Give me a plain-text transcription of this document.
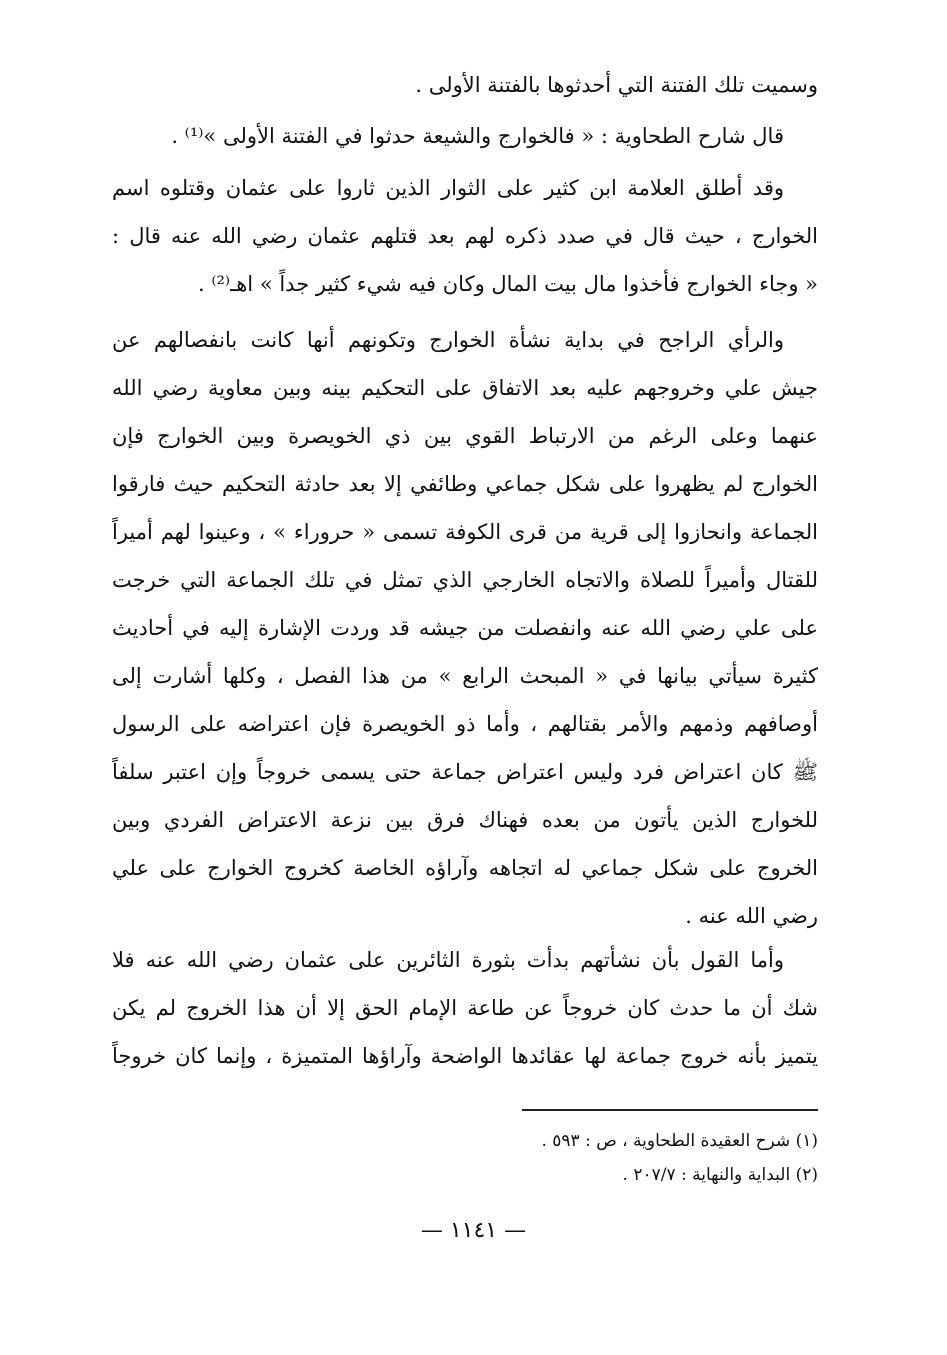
وسميت تلك الفتنة التي أحدثوها بالفتنة الأولى .
قال شارح الطحاوية : « فالخوارج والشيعة حدثوا في الفتنة الأولى »⁽¹⁾ .
وقد أطلق العلامة ابن كثير على الثوار الذين ثاروا على عثمان وقتلوه اسم
الخوارج ، حيث قال في صدد ذكره لهم بعد قتلهم عثمان رضي الله عنه قال :
« وجاء الخوارج فأخذوا مال بيت المال وكان فيه شيء كثير جداً » اهـ⁽²⁾ .
والرأي الراجح في بداية نشأة الخوارج وتكونهم أنها كانت بانفصالهم عن
جيش علي وخروجهم عليه بعد الاتفاق على التحكيم بينه وبين معاوية رضي الله
عنهما وعلى الرغم من الارتباط القوي بين ذي الخويصرة وبين الخوارج فإن
الخوارج لم يظهروا على شكل جماعي وطائفي إلا بعد حادثة التحكيم حيث فارقوا
الجماعة وانحازوا إلى قرية من قرى الكوفة تسمى « حروراء » ، وعينوا لهم أميراً
للقتال وأميراً للصلاة والاتجاه الخارجي الذي تمثل في تلك الجماعة التي خرجت
على علي رضي الله عنه وانفصلت من جيشه قد وردت الإشارة إليه في أحاديث
كثيرة سيأتي بيانها في « المبحث الرابع » من هذا الفصل ، وكلها أشارت إلى
أوصافهم وذمهم والأمر بقتالهم ، وأما ذو الخويصرة فإن اعتراضه على الرسول
ﷺ كان اعتراض فرد وليس اعتراض جماعة حتى يسمى خروجاً وإن اعتبر سلفاً
للخوارج الذين يأتون من بعده فهناك فرق بين نزعة الاعتراض الفردي وبين
الخروج على شكل جماعي له اتجاهه وآراؤه الخاصة كخروج الخوارج على علي
رضي الله عنه .
وأما القول بأن نشأتهم بدأت بثورة الثائرين على عثمان رضي الله عنه فلا
شك أن ما حدث كان خروجاً عن طاعة الإمام الحق إلا أن هذا الخروج لم يكن
يتميز بأنه خروج جماعة لها عقائدها الواضحة وآراؤها المتميزة ، وإنما كان خروجاً
(١) شرح العقيدة الطحاوية ، ص : ٥٩٣ .
(٢) البداية والنهاية : ٢٠٧/٧ .
— ١١٤١ —
